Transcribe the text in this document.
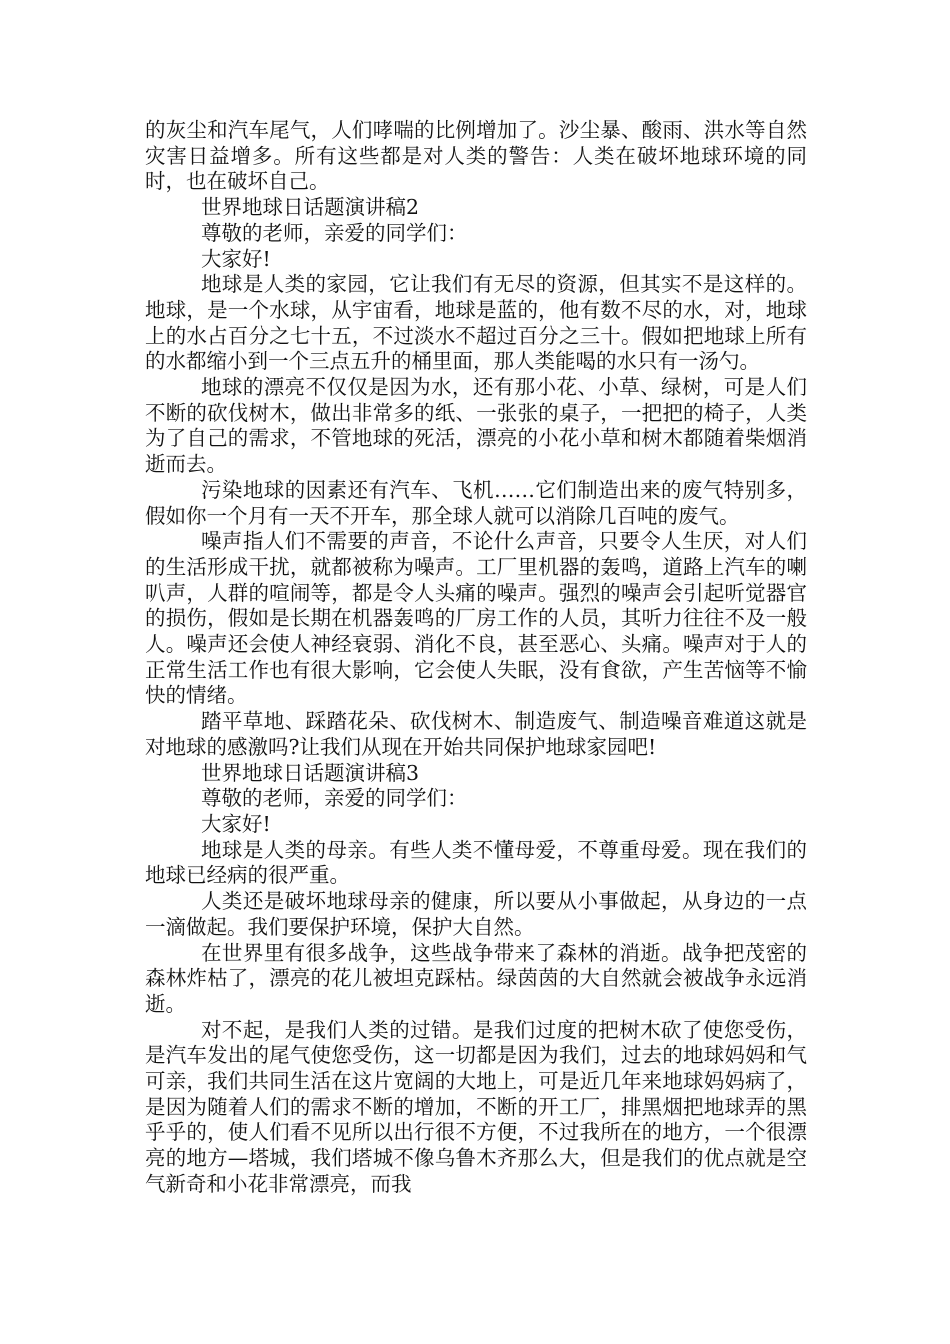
的灰尘和汽车尾气，人们哮喘的比例增加了。沙尘暴、酸雨、洪水等自然灾害日益增多。所有这些都是对人类的警告：人类在破坏地球环境的同时，也在破坏自己。

世界地球日话题演讲稿2

尊敬的老师，亲爱的同学们：

大家好!

地球是人类的家园，它让我们有无尽的资源，但其实不是这样的。地球，是一个水球，从宇宙看，地球是蓝的，他有数不尽的水，对，地球上的水占百分之七十五，不过淡水不超过百分之三十。假如把地球上所有的水都缩小到一个三点五升的桶里面，那人类能喝的水只有一汤勺。

地球的漂亮不仅仅是因为水，还有那小花、小草、绿树，可是人们不断的砍伐树木，做出非常多的纸、一张张的桌子，一把把的椅子，人类为了自己的需求，不管地球的死活，漂亮的小花小草和树木都随着柴烟消逝而去。

污染地球的因素还有汽车、飞机……它们制造出来的废气特别多，假如你一个月有一天不开车，那全球人就可以消除几百吨的废气。

噪声指人们不需要的声音，不论什么声音，只要令人生厌，对人们的生活形成干扰，就都被称为噪声。工厂里机器的轰鸣，道路上汽车的喇叭声，人群的喧闹等，都是令人头痛的噪声。强烈的噪声会引起听觉器官的损伤，假如是长期在机器轰鸣的厂房工作的人员，其听力往往不及一般人。噪声还会使人神经衰弱、消化不良，甚至恶心、头痛。噪声对于人的正常生活工作也有很大影响，它会使人失眠，没有食欲，产生苦恼等不愉快的情绪。

踏平草地、踩踏花朵、砍伐树木、制造废气、制造噪音难道这就是对地球的感激吗?让我们从现在开始共同保护地球家园吧!

世界地球日话题演讲稿3

尊敬的老师，亲爱的同学们：

大家好!

地球是人类的母亲。有些人类不懂母爱，不尊重母爱。现在我们的地球已经病的很严重。

人类还是破坏地球母亲的健康，所以要从小事做起，从身边的一点一滴做起。我们要保护环境，保护大自然。

在世界里有很多战争，这些战争带来了森林的消逝。战争把茂密的森林炸枯了，漂亮的花儿被坦克踩枯。绿茵茵的大自然就会被战争永远消逝。

对不起，是我们人类的过错。是我们过度的把树木砍了使您受伤，是汽车发出的尾气使您受伤，这一切都是因为我们，过去的地球妈妈和气可亲，我们共同生活在这片宽阔的大地上，可是近几年来地球妈妈病了，是因为随着人们的需求不断的增加，不断的开工厂，排黑烟把地球弄的黑乎乎的，使人们看不见所以出行很不方便，不过我所在的地方，一个很漂亮的地方—塔城，我们塔城不像乌鲁木齐那么大，但是我们的优点就是空气新奇和小花非常漂亮，而我
